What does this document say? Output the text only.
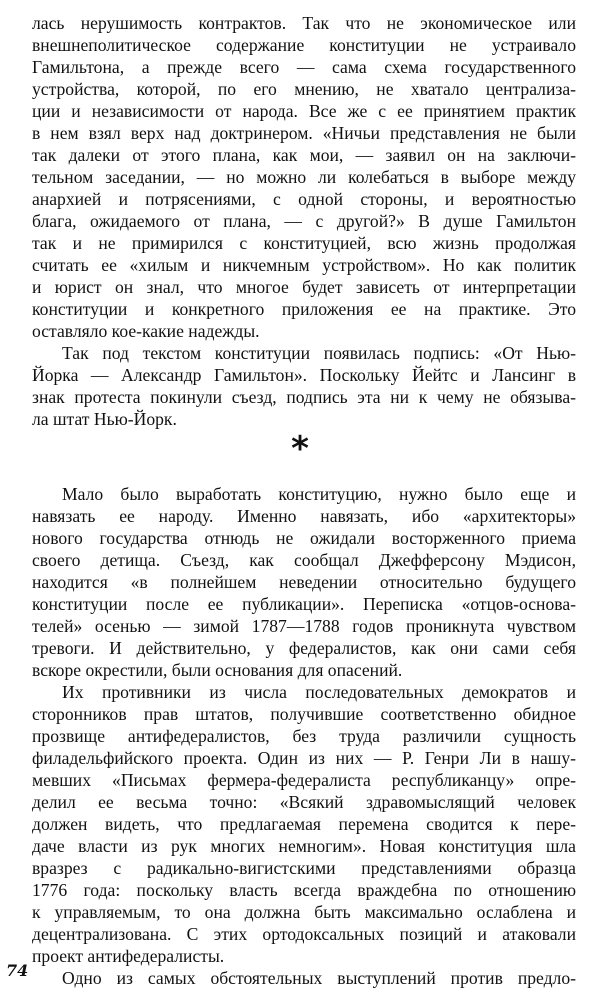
лась нерушимость контрактов. Так что не экономическое или
внешнеполитическое содержание конституции не устраивало
Гамильтона, а прежде всего — сама схема государственного
устройства, которой, по его мнению, не хватало централиза-
ции и независимости от народа. Все же с ее принятием практик
в нем взял верх над доктринером. «Ничьи представления не были
так далеки от этого плана, как мои, — заявил он на заключи-
тельном заседании, — но можно ли колебаться в выборе между
анархией и потрясениями, с одной стороны, и вероятностью
блага, ожидаемого от плана, — с другой?» В душе Гамильтон
так и не примирился с конституцией, всю жизнь продолжая
считать ее «хилым и никчемным устройством». Но как политик
и юрист он знал, что многое будет зависеть от интерпретации
конституции и конкретного приложения ее на практике. Это
оставляло кое-какие надежды.
Так под текстом конституции появилась подпись: «От Нью-
Йорка — Александр Гамильтон». Поскольку Йейтс и Лансинг в
знак протеста покинули съезд, подпись эта ни к чему не обязыва-
ла штат Нью-Йорк.
*
Мало было выработать конституцию, нужно было еще и
навязать ее народу. Именно навязать, ибо «архитекторы»
нового государства отнюдь не ожидали восторженного приема
своего детища. Съезд, как сообщал Джефферсону Мэдисон,
находится «в полнейшем неведении относительно будущего
конституции после ее публикации». Переписка «отцов-основа-
телей» осенью — зимой 1787—1788 годов проникнута чувством
тревоги. И действительно, у федералистов, как они сами себя
вскоре окрестили, были основания для опасений.
Их противники из числа последовательных демократов и
сторонников прав штатов, получившие соответственно обидное
прозвище антифедералистов, без труда различили сущность
филадельфийского проекта. Один из них — Р. Генри Ли в нашу-
мевших «Письмах фермера-федералиста республиканцу» опре-
делил ее весьма точно: «Всякий здравомыслящий человек
должен видеть, что предлагаемая перемена сводится к пере-
даче власти из рук многих немногим». Новая конституция шла
вразрез с радикально-вигистскими представлениями образца
1776 года: поскольку власть всегда враждебна по отношению
к управляемым, то она должна быть максимально ослаблена и
децентрализована. С этих ортодоксальных позиций и атаковали
проект антифедералисты.
Одно из самых обстоятельных выступлений против предло-
74
